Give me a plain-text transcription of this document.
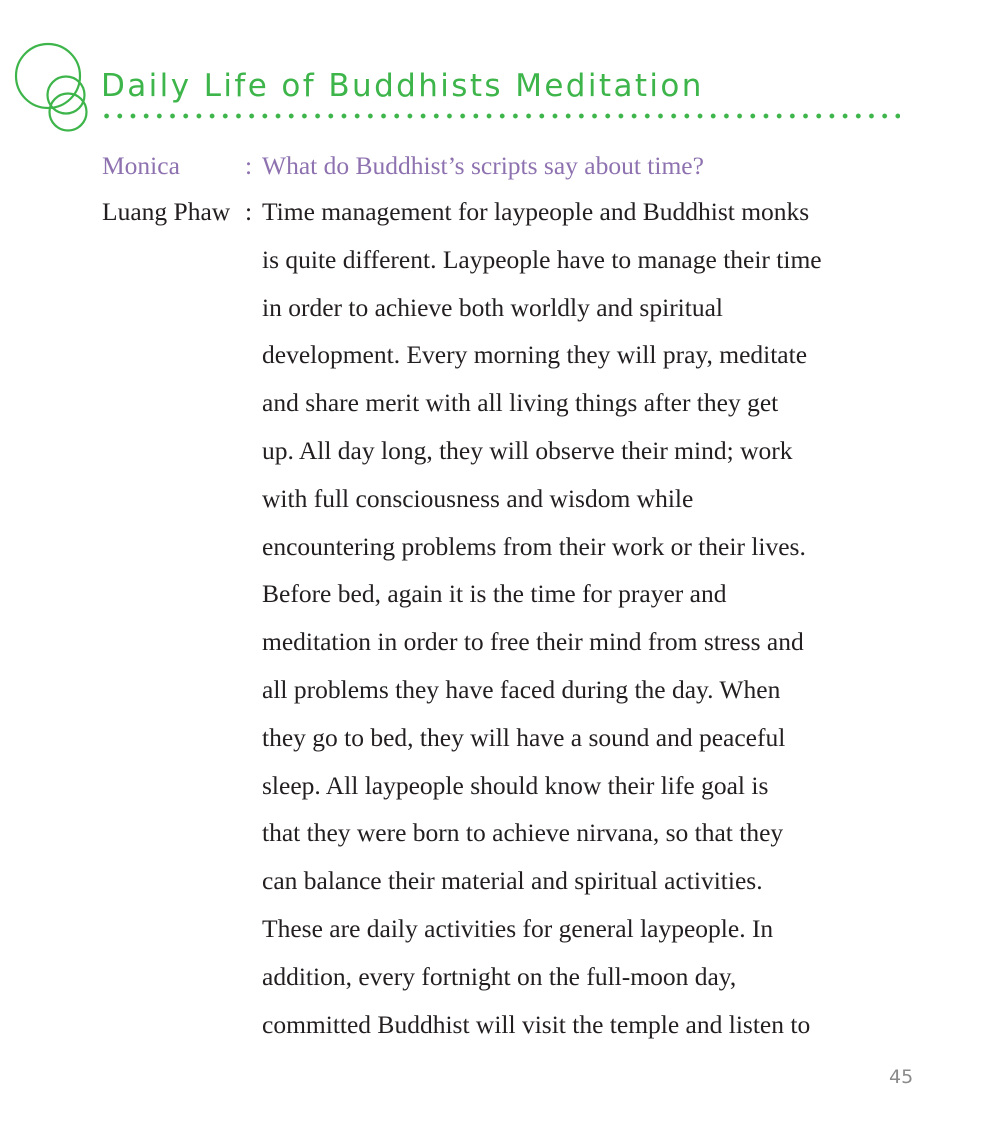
Daily Life of Buddhists Meditation
Monica	: What do Buddhist’s scripts say about time?
Luang Phaw : Time management for laypeople and Buddhist monks
is quite different. Laypeople have to manage their time
in order to achieve both worldly and spiritual
development. Every morning they will pray, meditate
and share merit with all living things after they get
up. All day long, they will observe their mind; work
with full consciousness and wisdom while
encountering problems from their work or their lives.
Before bed, again it is the time for prayer and
meditation in order to free their mind from stress and
all problems they have faced during the day. When
they go to bed, they will have a sound and peaceful
sleep. All laypeople should know their life goal is
that they were born to achieve nirvana, so that they
can balance their material and spiritual activities.
These are daily activities for general laypeople. In
addition, every fortnight on the full-moon day,
committed Buddhist will visit the temple and listen to
45
